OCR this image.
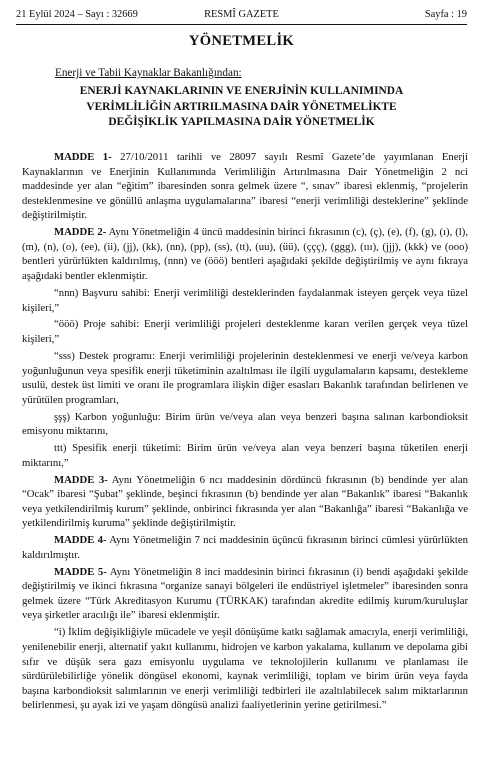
21 Eylül 2024 – Sayı : 32669	RESMÎ GAZETE	Sayfa : 19
YÖNETMELİK
Enerji ve Tabii Kaynaklar Bakanlığından:
ENERJİ KAYNAKLARININ VE ENERJİNİN KULLANIMINDA
VERİMLİLİĞİN ARTIRILMASINA DAİR YÖNETMELİKTE
DEĞİŞİKLİK YAPILMASINA DAİR YÖNETMELİK

MADDE 1- 27/10/2011 tarihli ve 28097 sayılı Resmî Gazete’de yayımlanan Enerji Kaynaklarının ve Enerjinin Kullanımında Verimliliğin Artırılmasına Dair Yönetmeliğin 2 nci maddesinde yer alan “eğitim” ibaresinden sonra gelmek üzere “, sınav” ibaresi eklenmiş, “projelerin desteklenmesine ve gönüllü anlaşma uygulamalarına” ibaresi “enerji verimliliği desteklerine” şeklinde değiştirilmiştir.

MADDE 2- Aynı Yönetmeliğin 4 üncü maddesinin birinci fıkrasının (c), (ç), (e), (f), (g), (ı), (l), (m), (n), (o), (ee), (ii), (jj), (kk), (nn), (pp), (ss), (tt), (uu), (üü), (ççç), (ggg), (ııı), (jjj), (kkk) ve (ooo) bentleri yürürlükten kaldırılmış, (nnn) ve (ööö) bentleri aşağıdaki şekilde değiştirilmiş ve aynı fıkraya aşağıdaki bentler eklenmiştir.

“nnn) Başvuru sahibi: Enerji verimliliği desteklerinden faydalanmak isteyen gerçek veya tüzel kişileri,”

“ööö) Proje sahibi: Enerji verimliliği projeleri desteklenme kararı verilen gerçek veya tüzel kişileri,”

“sss) Destek programı: Enerji verimliliği projelerinin desteklenmesi ve enerji ve/veya karbon yoğunluğunun veya spesifik enerji tüketiminin azaltılması ile ilgili uygulamaların kapsamı, destekleme usulü, destek üst limiti ve oranı ile programlara ilişkin diğer esasları Bakanlık tarafından belirlenen ve yürütülen programları,

şşş) Karbon yoğunluğu: Birim ürün ve/veya alan veya benzeri başına salınan karbondioksit emisyonu miktarını,

ttt) Spesifik enerji tüketimi: Birim ürün ve/veya alan veya benzeri başına tüketilen enerji miktarını,”

MADDE 3- Aynı Yönetmeliğin 6 ncı maddesinin dördüncü fıkrasının (b) bendinde yer alan “Ocak” ibaresi “Şubat” şeklinde, beşinci fıkrasının (b) bendinde yer alan “Bakanlık” ibaresi “Bakanlık veya yetkilendirilmiş kurum” şeklinde, onbirinci fıkrasında yer alan “Bakanlığa” ibaresi “Bakanlığa ve yetkilendirilmiş kuruma” şeklinde değiştirilmiştir.

MADDE 4- Aynı Yönetmeliğin 7 nci maddesinin üçüncü fıkrasının birinci cümlesi yürürlükten kaldırılmıştır.

MADDE 5- Aynı Yönetmeliğin 8 inci maddesinin birinci fıkrasının (i) bendi aşağıdaki şekilde değiştirilmiş ve ikinci fıkrasına “organize sanayi bölgeleri ile endüstriyel işletmeler” ibaresinden sonra gelmek üzere “Türk Akreditasyon Kurumu (TÜRKAK) tarafından akredite edilmiş kurum/kuruluşlar veya şirketler aracılığı ile” ibaresi eklenmiştir.

“i) İklim değişikliğiyle mücadele ve yeşil dönüşüme katkı sağlamak amacıyla, enerji verimliliği, yenilenebilir enerji, alternatif yakıt kullanımı, hidrojen ve karbon yakalama, kullanım ve depolama gibi sıfır ve düşük sera gazı emisyonlu uygulama ve teknolojilerin kullanımı ve planlaması ile sürdürülebilirliğe yönelik döngüsel ekonomi, kaynak verimliliği, toplam ve birim ürün veya fayda başına karbondioksit salımlarının ve enerji verimliliği tedbirleri ile azaltılabilecek salım miktarlarının belirlenmesi, şu ayak izi ve yaşam döngüsü analizi faaliyetlerinin yerine getirilmesi.”
